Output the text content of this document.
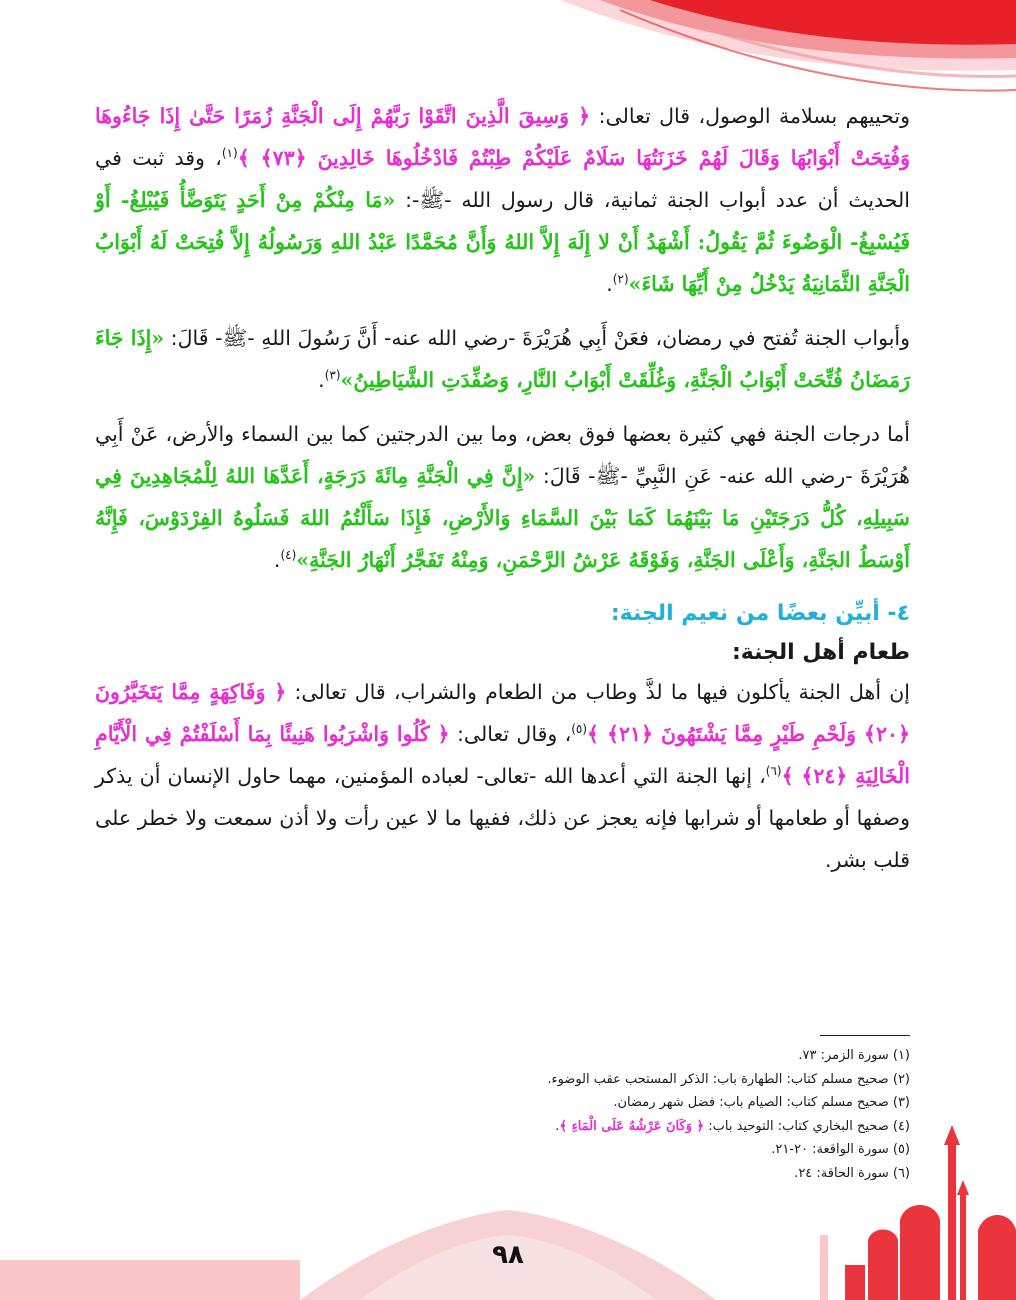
وتحييهم بسلامة الوصول، قال تعالى: ﴿ وَسِيقَ الَّذِينَ اتَّقَوْا رَبَّهُمْ إِلَى الْجَنَّةِ زُمَرًا حَتَّىٰ إِذَا جَاءُوهَا وَفُتِحَتْ أَبْوَابُهَا وَقَالَ لَهُمْ خَزَنَتُهَا سَلَامٌ عَلَيْكُمْ طِبْتُمْ فَادْخُلُوهَا خَالِدِينَ ﴿٧٣﴾ ﴾$^{(١)}$، وقد ثبت في الحديث أن عدد أبواب الجنة ثمانية، قال رسول الله -ﷺ-: «مَا مِنْكُمْ مِنْ أَحَدٍ يَتَوَضَّأُ فَيُبْلِغُ- أَوْ فَيُسْبِغُ- الْوَضُوءَ ثُمَّ يَقُولُ: أَشْهَدُ أَنْ لا إِلَهَ إِلاَّ اللهُ وَأَنَّ مُحَمَّدًا عَبْدُ اللهِ وَرَسُولُهُ إِلاَّ فُتِحَتْ لَهُ أَبْوَابُ الْجَنَّةِ الثَّمَانِيَةُ يَدْخُلُ مِنْ أَيِّهَا شَاءَ»$^{(٢)}$.

وأبواب الجنة تُفتح في رمضان، فعَنْ أَبِي هُرَيْرَةَ -رضي الله عنه- أَنَّ رَسُولَ اللهِ -ﷺ- قَالَ: «إِذَا جَاءَ رَمَضَانُ فُتِّحَتْ أَبْوَابُ الْجَنَّةِ، وَغُلِّقَتْ أَبْوَابُ النَّارِ، وَصُفِّدَتِ الشَّيَاطِينُ»$^{(٣)}$.

أما درجات الجنة فهي كثيرة بعضها فوق بعض، وما بين الدرجتين كما بين السماء والأرض، عَنْ أَبِي هُرَيْرَةَ -رضي الله عنه- عَنِ النَّبِيِّ -ﷺ- قَالَ: «إِنَّ فِي الْجَنَّةِ مِائَةَ دَرَجَةٍ، أَعَدَّهَا اللهُ لِلْمُجَاهِدِينَ فِي سَبِيلِهِ، كُلُّ دَرَجَتَيْنِ مَا بَيْنَهُمَا كَمَا بَيْنَ السَّمَاءِ وَالأَرْضِ، فَإِذَا سَأَلْتُمُ اللهَ فَسَلُوهُ الفِرْدَوْسَ، فَإِنَّهُ أَوْسَطُ الجَنَّةِ، وَأَعْلَى الجَنَّةِ، وَفَوْقَهُ عَرْشُ الرَّحْمَنِ، وَمِنْهُ تَفَجَّرُ أَنْهَارُ الجَنَّةِ»$^{(٤)}$.

٤- أبيِّن بعضًا من نعيم الجنة:
طعام أهل الجنة:

إن أهل الجنة يأكلون فيها ما لذَّ وطاب من الطعام والشراب، قال تعالى: ﴿ وَفَاكِهَةٍ مِمَّا يَتَخَيَّرُونَ ﴿٢٠﴾ وَلَحْمِ طَيْرٍ مِمَّا يَشْتَهُونَ ﴿٢١﴾ ﴾$^{(٥)}$، وقال تعالى: ﴿ كُلُوا وَاشْرَبُوا هَنِيئًا بِمَا أَسْلَفْتُمْ فِي الْأَيَّامِ الْخَالِيَةِ ﴿٢٤﴾ ﴾$^{(٦)}$، إنها الجنة التي أعدها الله -تعالى- لعباده المؤمنين، مهما حاول الإنسان أن يذكر وصفها أو طعامها أو شرابها فإنه يعجز عن ذلك، ففيها ما لا عين رأت ولا أذن سمعت ولا خطر على قلب بشر.

(١) سورة الزمر: ٧٣.
(٢) صحيح مسلم كتاب: الطهارة باب: الذكر المستحب عقب الوضوء.
(٣) صحيح مسلم كتاب: الصيام باب: فضل شهر رمضان.
(٤) صحيح البخاري كتاب: التوحيد باب: ﴿ وَكَانَ عَرْشُهُ عَلَى الْمَاءِ ﴾.
(٥) سورة الواقعة: ٢٠-٢١.
(٦) سورة الحاقة: ٢٤.
٩٨
